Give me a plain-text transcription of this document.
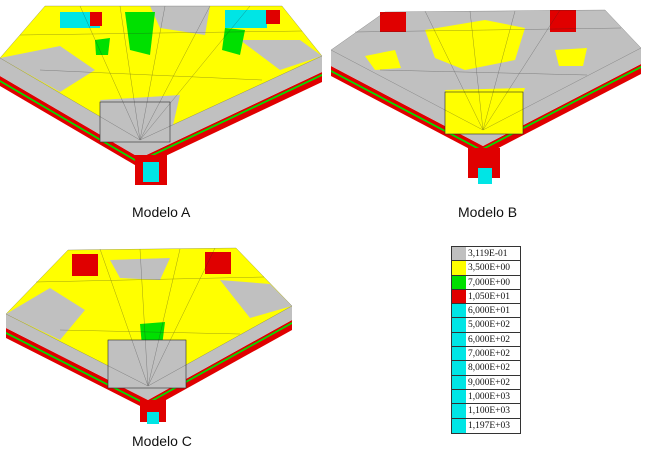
Modelo A	Modelo B
Modelo C
3,119E-01
3,500E+00
7,000E+00
1,050E+01
6,000E+01
5,000E+02
6,000E+02
7,000E+02
8,000E+02
9,000E+02
1,000E+03
1,100E+03
1,197E+03
